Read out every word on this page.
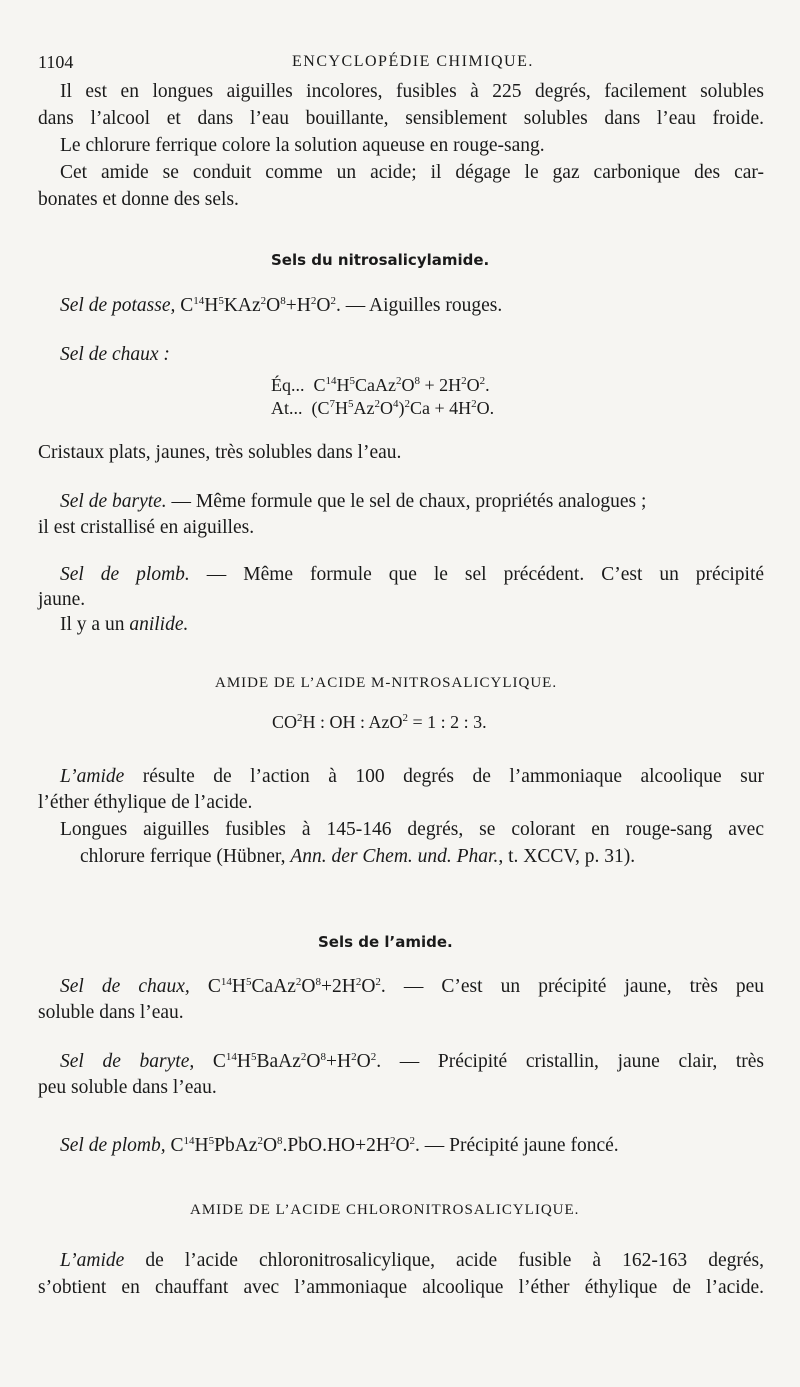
1104	ENCYCLOPÉDIE CHIMIQUE.
Il est en longues aiguilles incolores, fusibles à 225 degrés, facilement solubles
dans l’alcool et dans l’eau bouillante, sensiblement solubles dans l’eau froide.
Le chlorure ferrique colore la solution aqueuse en rouge-sang.
Cet amide se conduit comme un acide; il dégage le gaz carbonique des car-
bonates et donne des sels.
Sels du nitrosalicylamide.
Sel de potasse, $C^{14}H^5KAz^2O^8+H^2O^2$. — Aiguilles rouges.
Sel de chaux :
Éq...  $C^{14}H^5CaAz^2O^8 + 2H^2O^2$.
At...  $(C^7H^5Az^2O^4)^2Ca + 4H^2O$.
Cristaux plats, jaunes, très solubles dans l’eau.
Sel de baryte. — Même formule que le sel de chaux, propriétés analogues ;
il est cristallisé en aiguilles.
Sel de plomb. — Même formule que le sel précédent. C’est un précipité
jaune.
Il y a un anilide.
AMIDE DE L’ACIDE M-NITROSALICYLIQUE.
$CO^2H$ : OH : AzO$^2$ = 1 : 2 : 3.
L’amide résulte de l’action à 100 degrés de l’ammoniaque alcoolique sur
l’éther éthylique de l’acide.
Longues aiguilles fusibles à 145-146 degrés, se colorant en rouge-sang avec
chlorure ferrique (Hübner, Ann. der Chem. und. Phar., t. XCCV, p. 31).
Sels de l’amide.
Sel de chaux, $C^{14}H^5CaAz^2O^8+2H^2O^2$. — C’est un précipité jaune, très peu
soluble dans l’eau.
Sel de baryte, $C^{14}H^5BaAz^2O^8+H^2O^2$. — Précipité cristallin, jaune clair, très
peu soluble dans l’eau.
Sel de plomb, $C^{14}H^5PbAz^2O^8.PbO.HO+2H^2O^2$. — Précipité jaune foncé.
AMIDE DE L’ACIDE CHLORONITROSALICYLIQUE.
L’amide de l’acide chloronitrosalicylique, acide fusible à 162-163 degrés,
s’obtient en chauffant avec l’ammoniaque alcoolique l’éther éthylique de l’acide.
